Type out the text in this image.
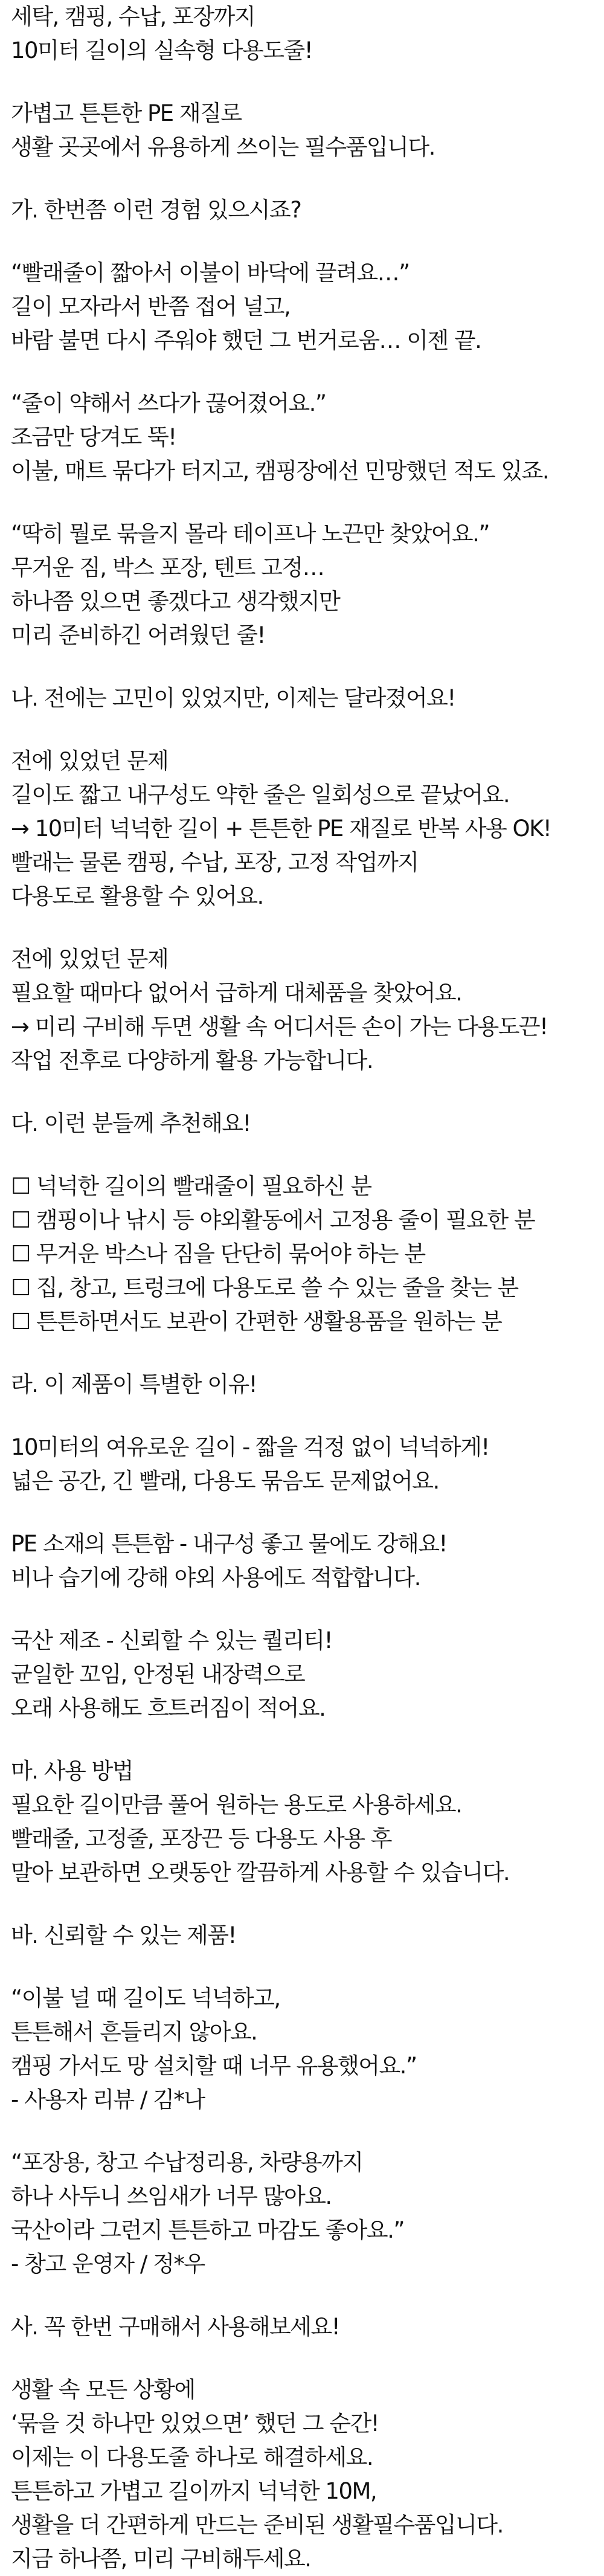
세탁, 캠핑, 수납, 포장까지
10미터 길이의 실속형 다용도줄!
가볍고 튼튼한 PE 재질로
생활 곳곳에서 유용하게 쓰이는 필수품입니다.
가. 한번쯤 이런 경험 있으시죠?
“빨래줄이 짧아서 이불이 바닥에 끌려요…”
길이 모자라서 반쯤 접어 널고,
바람 불면 다시 주워야 했던 그 번거로움… 이젠 끝.
“줄이 약해서 쓰다가 끊어졌어요.”
조금만 당겨도 뚝!
이불, 매트 묶다가 터지고, 캠핑장에선 민망했던 적도 있죠.
“딱히 뭘로 묶을지 몰라 테이프나 노끈만 찾았어요.”
무거운 짐, 박스 포장, 텐트 고정…
하나쯤 있으면 좋겠다고 생각했지만
미리 준비하긴 어려웠던 줄!
나. 전에는 고민이 있었지만, 이제는 달라졌어요!
전에 있었던 문제
길이도 짧고 내구성도 약한 줄은 일회성으로 끝났어요.
→ 10미터 넉넉한 길이 + 튼튼한 PE 재질로 반복 사용 OK!
빨래는 물론 캠핑, 수납, 포장, 고정 작업까지
다용도로 활용할 수 있어요.
전에 있었던 문제
필요할 때마다 없어서 급하게 대체품을 찾았어요.
→ 미리 구비해 두면 생활 속 어디서든 손이 가는 다용도끈!
작업 전후로 다양하게 활용 가능합니다.
다. 이런 분들께 추천해요!
☐ 넉넉한 길이의 빨래줄이 필요하신 분
☐ 캠핑이나 낚시 등 야외활동에서 고정용 줄이 필요한 분
☐ 무거운 박스나 짐을 단단히 묶어야 하는 분
☐ 집, 창고, 트렁크에 다용도로 쓸 수 있는 줄을 찾는 분
☐ 튼튼하면서도 보관이 간편한 생활용품을 원하는 분
라. 이 제품이 특별한 이유!
10미터의 여유로운 길이 - 짧을 걱정 없이 넉넉하게!
넓은 공간, 긴 빨래, 다용도 묶음도 문제없어요.
PE 소재의 튼튼함 - 내구성 좋고 물에도 강해요!
비나 습기에 강해 야외 사용에도 적합합니다.
국산 제조 - 신뢰할 수 있는 퀄리티!
균일한 꼬임, 안정된 내장력으로
오래 사용해도 흐트러짐이 적어요.
마. 사용 방법
필요한 길이만큼 풀어 원하는 용도로 사용하세요.
빨래줄, 고정줄, 포장끈 등 다용도 사용 후
말아 보관하면 오랫동안 깔끔하게 사용할 수 있습니다.
바. 신뢰할 수 있는 제품!
“이불 널 때 길이도 넉넉하고,
튼튼해서 흔들리지 않아요.
캠핑 가서도 망 설치할 때 너무 유용했어요.”
- 사용자 리뷰 / 김*나
“포장용, 창고 수납정리용, 차량용까지
하나 사두니 쓰임새가 너무 많아요.
국산이라 그런지 튼튼하고 마감도 좋아요.”
- 창고 운영자 / 정*우
사. 꼭 한번 구매해서 사용해보세요!
생활 속 모든 상황에
‘묶을 것 하나만 있었으면’ 했던 그 순간!
이제는 이 다용도줄 하나로 해결하세요.
튼튼하고 가볍고 길이까지 넉넉한 10M,
생활을 더 간편하게 만드는 준비된 생활필수품입니다.
지금 하나쯤, 미리 구비해두세요.
